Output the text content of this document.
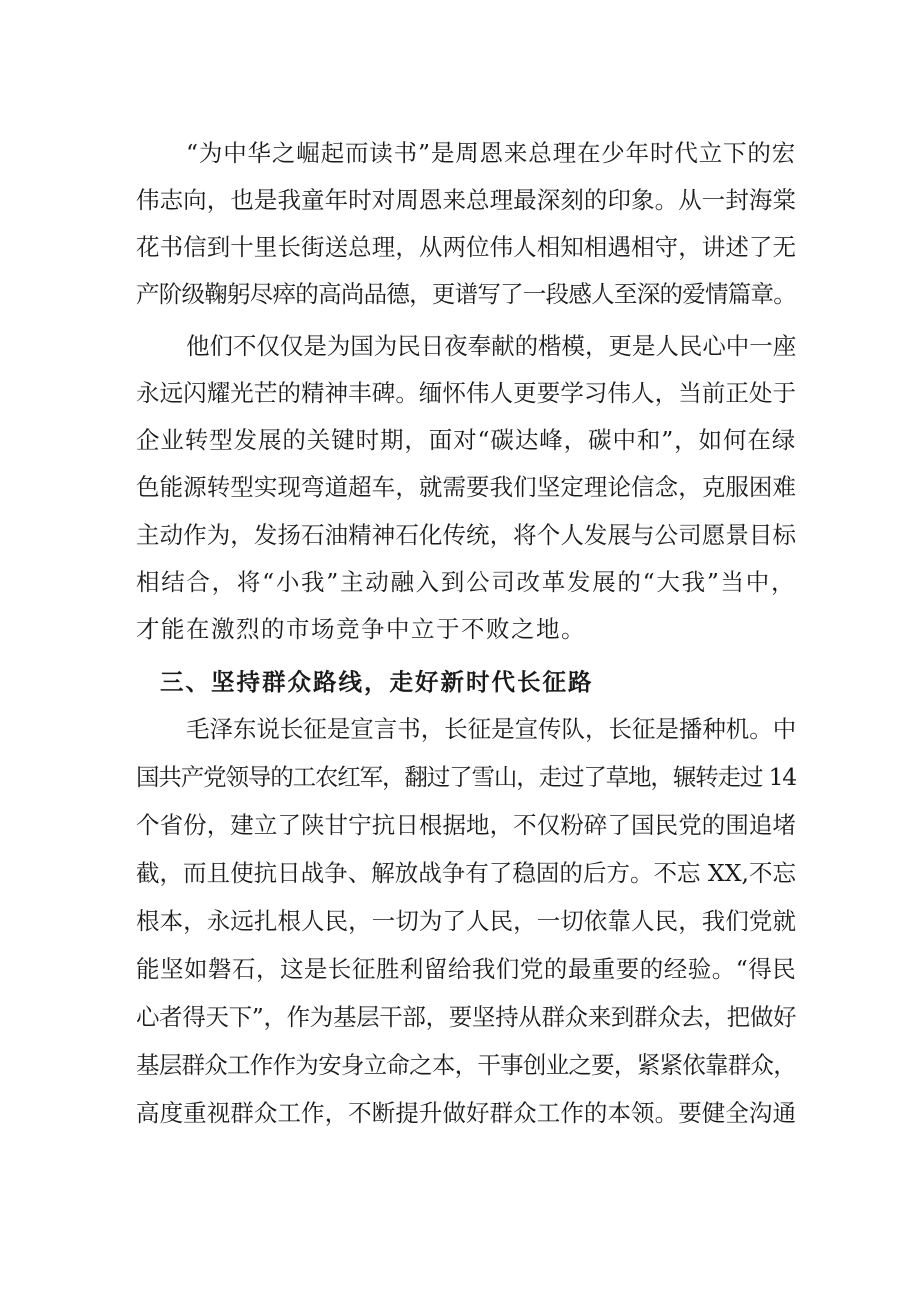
“为中华之崛起而读书”是周恩来总理在少年时代立下的宏
伟志向，也是我童年时对周恩来总理最深刻的印象。从一封海棠
花书信到十里长街送总理，从两位伟人相知相遇相守，讲述了无
产阶级鞠躬尽瘁的高尚品德，更谱写了一段感人至深的爱情篇章。
他们不仅仅是为国为民日夜奉献的楷模，更是人民心中一座
永远闪耀光芒的精神丰碑。缅怀伟人更要学习伟人，当前正处于
企业转型发展的关键时期，面对“碳达峰，碳中和”，如何在绿
色能源转型实现弯道超车，就需要我们坚定理论信念，克服困难
主动作为，发扬石油精神石化传统，将个人发展与公司愿景目标
相结合，将“小我”主动融入到公司改革发展的“大我”当中，
才能在激烈的市场竞争中立于不败之地。
三、坚持群众路线，走好新时代长征路
毛泽东说长征是宣言书，长征是宣传队，长征是播种机。中
国共产党领导的工农红军，翻过了雪山，走过了草地，辗转走过 14
个省份，建立了陕甘宁抗日根据地，不仅粉碎了国民党的围追堵
截，而且使抗日战争、解放战争有了稳固的后方。不忘 XX,不忘
根本，永远扎根人民，一切为了人民，一切依靠人民，我们党就
能坚如磐石，这是长征胜利留给我们党的最重要的经验。“得民
心者得天下”，作为基层干部，要坚持从群众来到群众去，把做好
基层群众工作作为安身立命之本，干事创业之要，紧紧依靠群众，
高度重视群众工作，不断提升做好群众工作的本领。要健全沟通
